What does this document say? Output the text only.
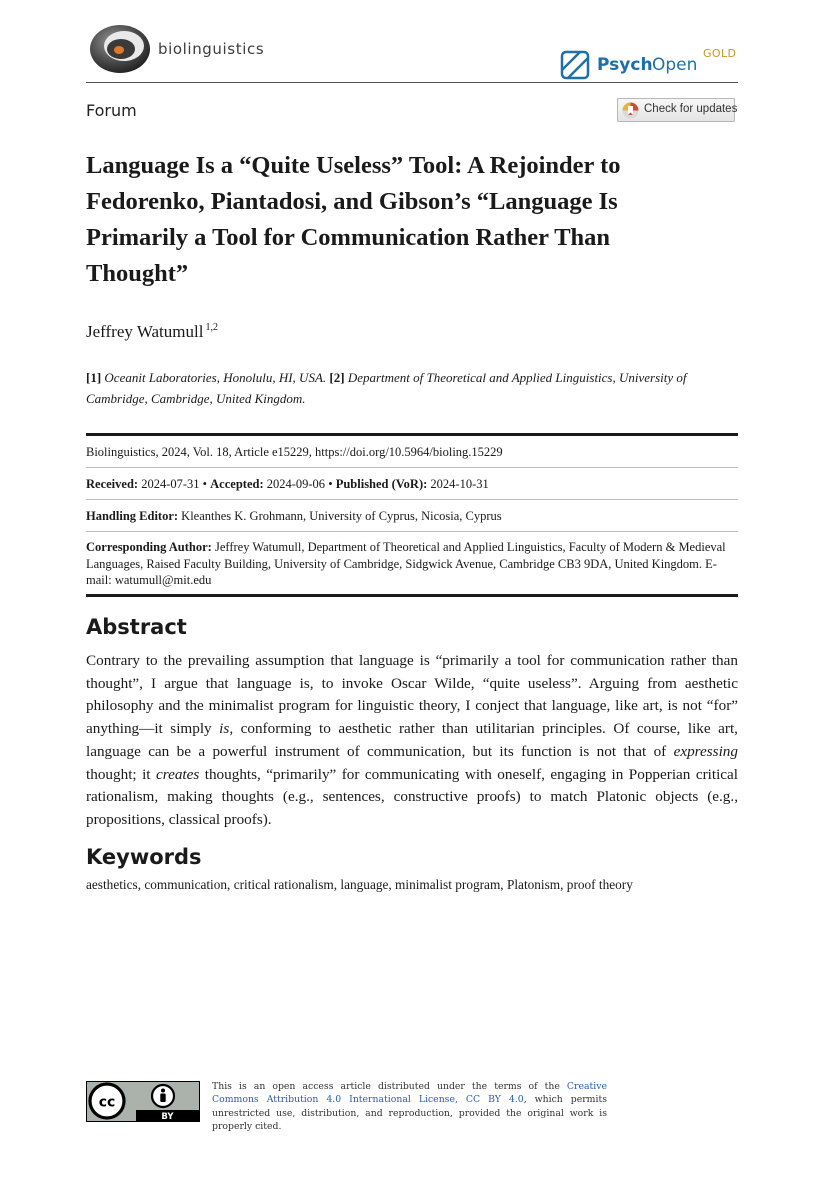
biolinguistics
Psych Open
GOLD
Forum	Check for updates
Language Is a “Quite Useless” Tool: A Rejoinder to Fedorenko, Piantadosi, and Gibson’s “Language Is Primarily a Tool for Communication Rather Than Thought”
Jeffrey Watumull $^{1,2}$
[1] Oceanit Laboratories, Honolulu, HI, USA. [2] Department of Theoretical and Applied Linguistics, University of Cambridge, Cambridge, United Kingdom.
Biolinguistics, 2024, Vol. 18, Article e15229, https://doi.org/10.5964/bioling.15229
Received: 2024-07-31 • Accepted: 2024-09-06 • Published (VoR): 2024-10-31
Handling Editor: Kleanthes K. Grohmann, University of Cyprus, Nicosia, Cyprus
Corresponding Author: Jeffrey Watumull, Department of Theoretical and Applied Linguistics, Faculty of Modern & Medieval Languages, Raised Faculty Building, University of Cambridge, Sidgwick Avenue, Cambridge CB3 9DA, United Kingdom. E-mail: watumull@mit.edu
Abstract
Contrary to the prevailing assumption that language is “primarily a tool for communication rather than thought”, I argue that language is, to invoke Oscar Wilde, “quite useless”. Arguing from aesthetic philosophy and the minimalist program for linguistic theory, I conject that language, like art, is not “for” anything—it simply is, conforming to aesthetic rather than utilitarian principles. Of course, like art, language can be a powerful instrument of communication, but its function is not that of expressing thought; it creates thoughts, “primarily” for communicating with oneself, engaging in Popperian critical rationalism, making thoughts (e.g., sentences, constructive proofs) to match Platonic objects (e.g., propositions, classical proofs).
Keywords
aesthetics, communication, critical rationalism, language, minimalist program, Platonism, proof theory
cc
BY
This is an open access article distributed under the terms of the Creative Commons Attribution 4.0 International License, CC BY 4.0, which permits unrestricted use, distribution, and reproduction, provided the original work is properly cited.
